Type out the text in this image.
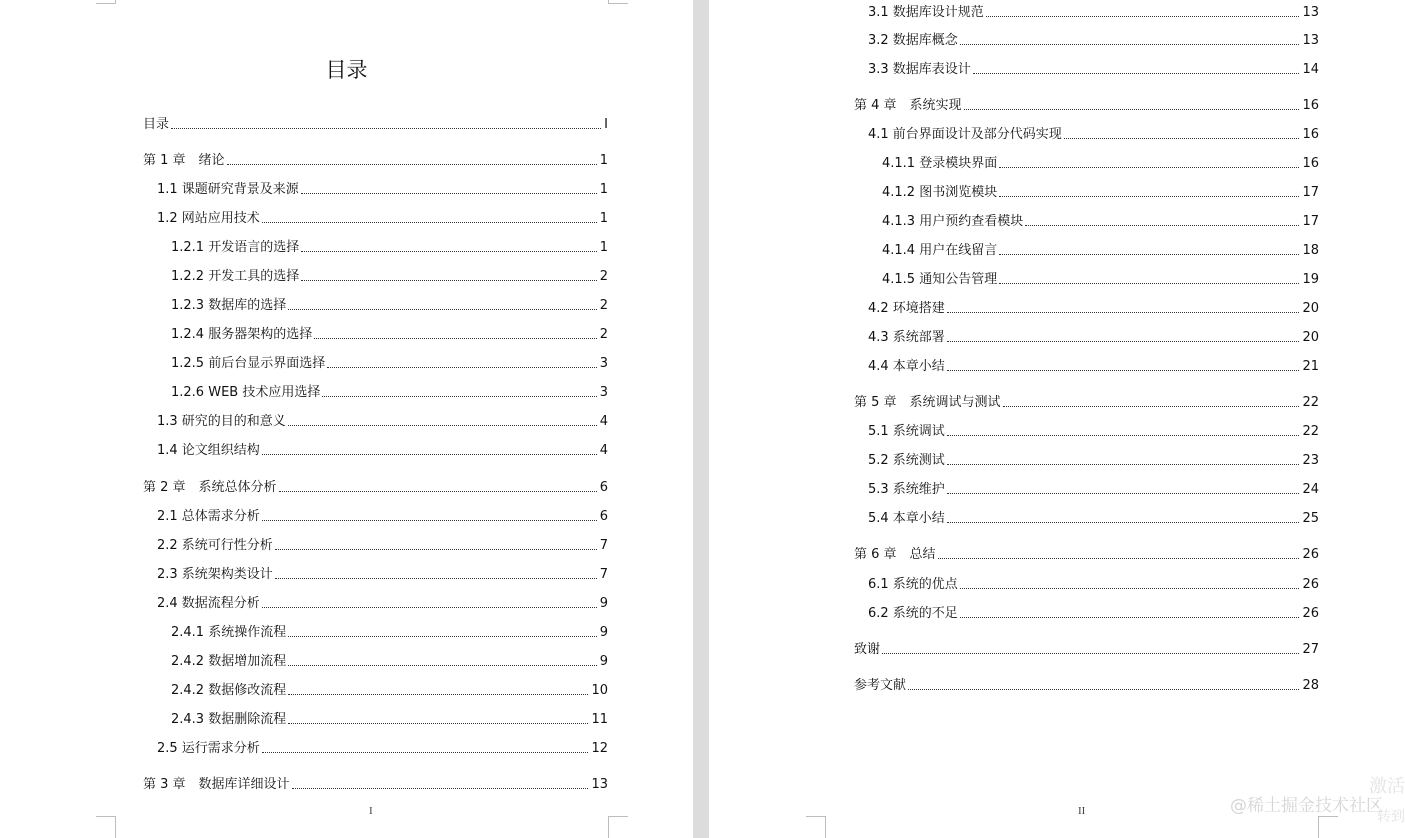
目录
目录	I
第 1 章　绪论	1
1.1 课题研究背景及来源	1
1.2 网站应用技术	1
1.2.1 开发语言的选择	1
1.2.2 开发工具的选择	2
1.2.3 数据库的选择	2
1.2.4 服务器架构的选择	2
1.2.5 前后台显示界面选择	3
1.2.6 WEB 技术应用选择	3
1.3 研究的目的和意义	4
1.4 论文组织结构	4
第 2 章　系统总体分析	6
2.1 总体需求分析	6
2.2 系统可行性分析	7
2.3 系统架构类设计	7
2.4 数据流程分析	9
2.4.1 系统操作流程	9
2.4.2 数据增加流程	9
2.4.2 数据修改流程	10
2.4.3 数据删除流程	11
2.5 运行需求分析	12
第 3 章　数据库详细设计	13
I
3.1 数据库设计规范	13
3.2 数据库概念	13
3.3 数据库表设计	14
第 4 章　系统实现	16
4.1 前台界面设计及部分代码实现	16
4.1.1 登录模块界面	16
4.1.2 图书浏览模块	17
4.1.3 用户预约查看模块	17
4.1.4 用户在线留言	18
4.1.5 通知公告管理	19
4.2 环境搭建	20
4.3 系统部署	20
4.4 本章小结	21
第 5 章　系统调试与测试	22
5.1 系统调试	22
5.2 系统测试	23
5.3 系统维护	24
5.4 本章小结	25
第 6 章　总结	26
6.1 系统的优点	26
6.2 系统的不足	26
致谢	27
参考文献	28
II	@稀土掘金技术社区
激活
转到
